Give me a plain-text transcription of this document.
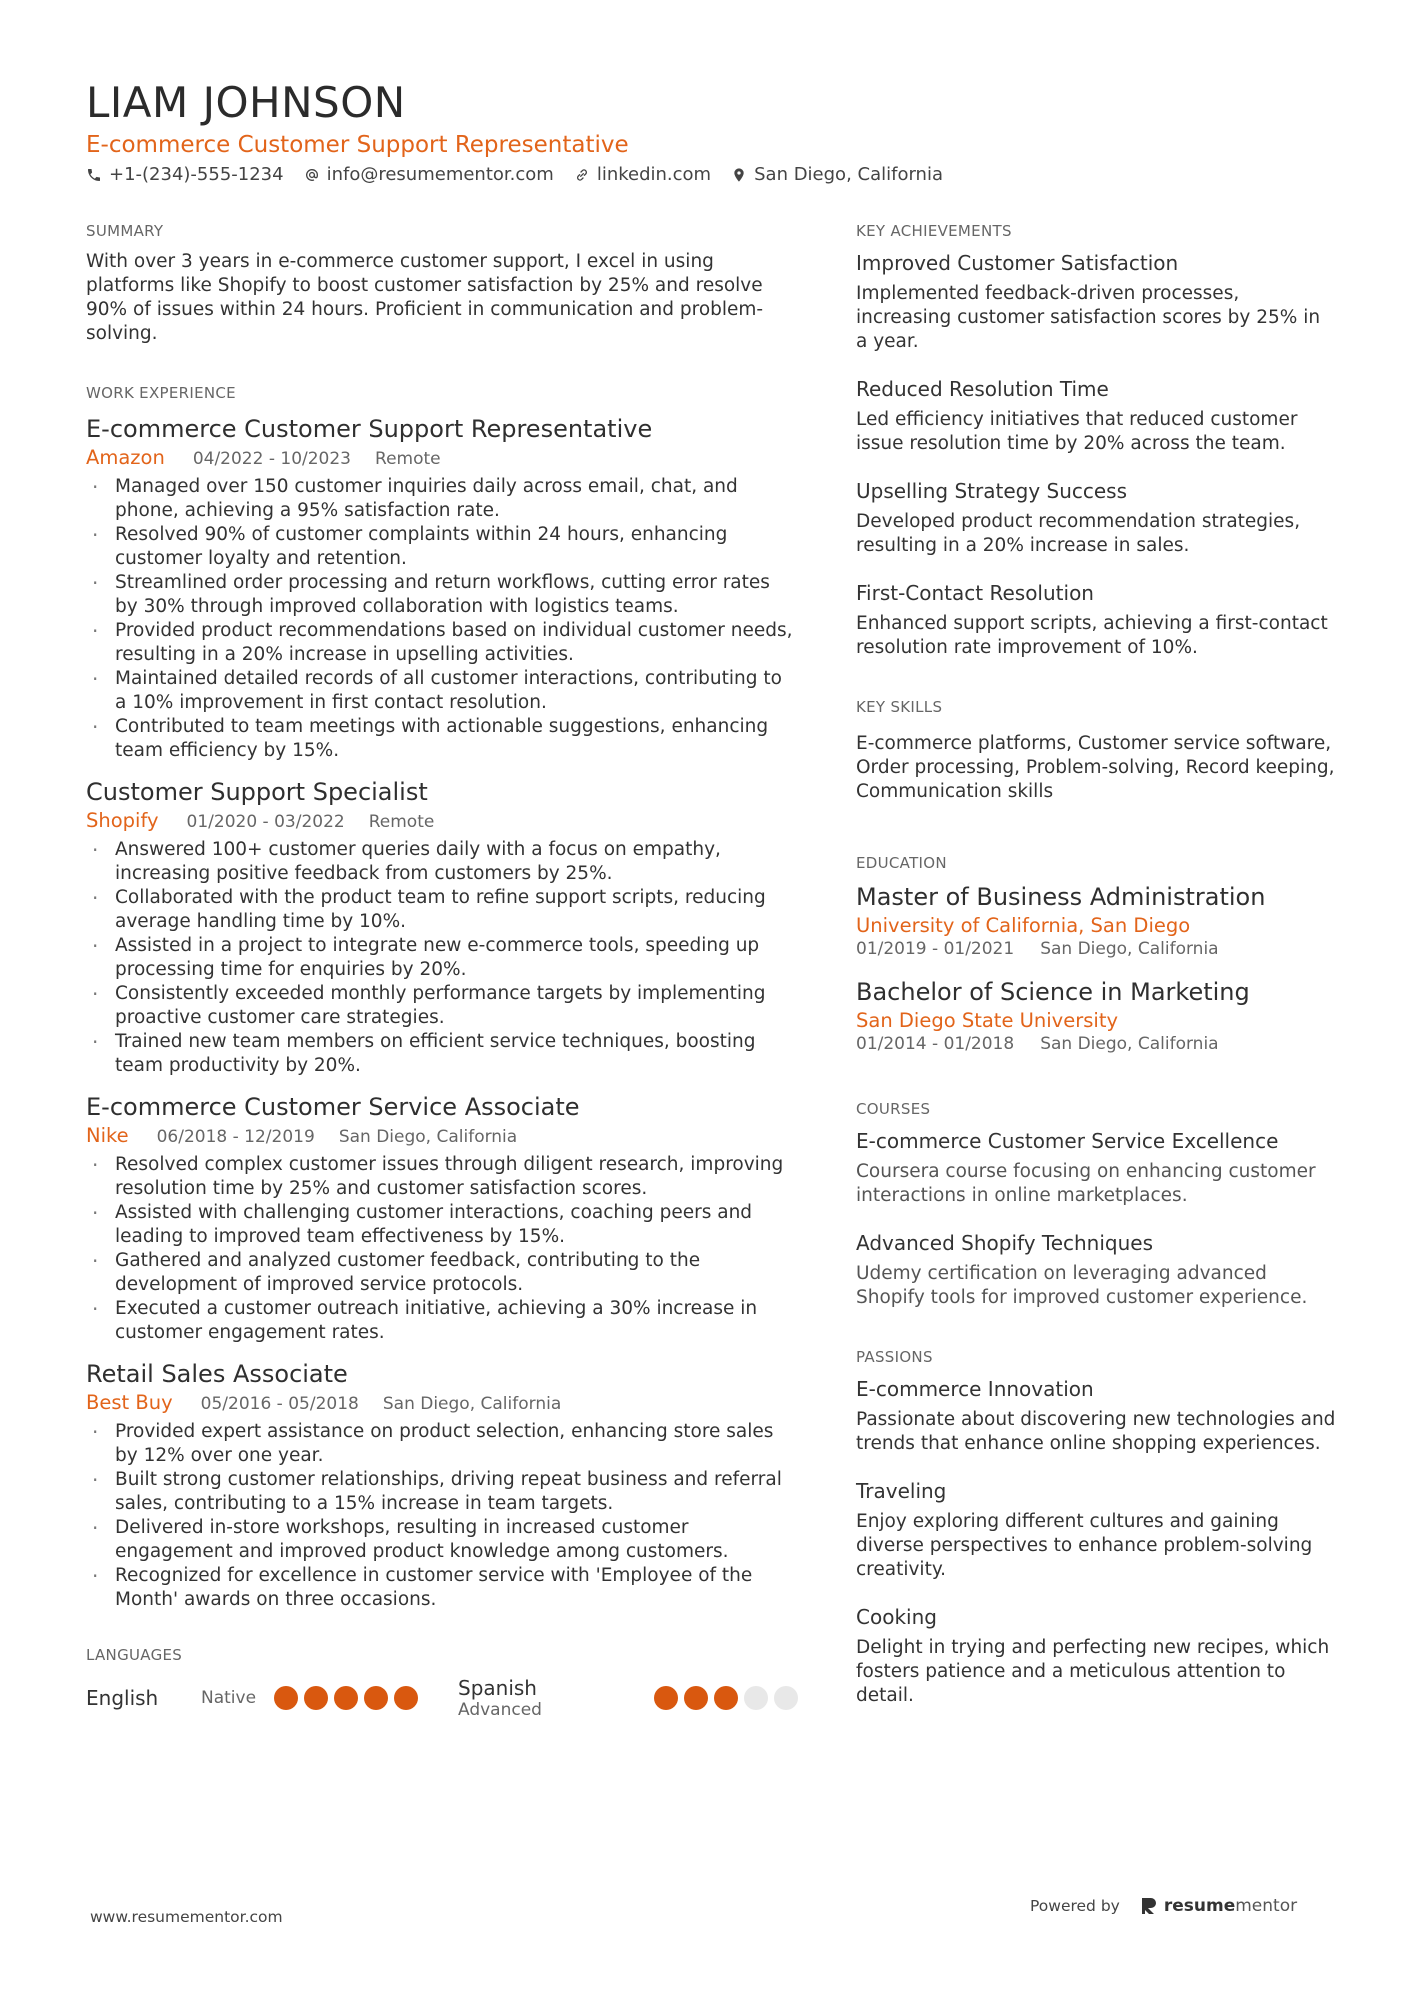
LIAM JOHNSON
E-commerce Customer Support Representative
+1-(234)-555-1234 info@resumementor.com linkedin.com San Diego, California
SUMMARY
With over 3 years in e-commerce customer support, I excel in using platforms like Shopify to boost customer satisfaction by 25% and resolve 90% of issues within 24 hours. Proficient in communication and problem-solving.
WORK EXPERIENCE
E-commerce Customer Support Representative
Amazon 04/2022 - 10/2023 Remote
· Managed over 150 customer inquiries daily across email, chat, and phone, achieving a 95% satisfaction rate.
· Resolved 90% of customer complaints within 24 hours, enhancing customer loyalty and retention.
· Streamlined order processing and return workflows, cutting error rates by 30% through improved collaboration with logistics teams.
· Provided product recommendations based on individual customer needs, resulting in a 20% increase in upselling activities.
· Maintained detailed records of all customer interactions, contributing to a 10% improvement in first contact resolution.
· Contributed to team meetings with actionable suggestions, enhancing team efficiency by 15%.
Customer Support Specialist
Shopify 01/2020 - 03/2022 Remote
· Answered 100+ customer queries daily with a focus on empathy, increasing positive feedback from customers by 25%.
· Collaborated with the product team to refine support scripts, reducing average handling time by 10%.
· Assisted in a project to integrate new e-commerce tools, speeding up processing time for enquiries by 20%.
· Consistently exceeded monthly performance targets by implementing proactive customer care strategies.
· Trained new team members on efficient service techniques, boosting team productivity by 20%.
E-commerce Customer Service Associate
Nike 06/2018 - 12/2019 San Diego, California
· Resolved complex customer issues through diligent research, improving resolution time by 25% and customer satisfaction scores.
· Assisted with challenging customer interactions, coaching peers and leading to improved team effectiveness by 15%.
· Gathered and analyzed customer feedback, contributing to the development of improved service protocols.
· Executed a customer outreach initiative, achieving a 30% increase in customer engagement rates.
Retail Sales Associate
Best Buy 05/2016 - 05/2018 San Diego, California
· Provided expert assistance on product selection, enhancing store sales by 12% over one year.
· Built strong customer relationships, driving repeat business and referral sales, contributing to a 15% increase in team targets.
· Delivered in-store workshops, resulting in increased customer engagement and improved product knowledge among customers.
· Recognized for excellence in customer service with 'Employee of the Month' awards on three occasions.
LANGUAGES
English	Native	Spanish
Advanced
KEY ACHIEVEMENTS
Improved Customer Satisfaction
Implemented feedback-driven processes, increasing customer satisfaction scores by 25% in a year.
Reduced Resolution Time
Led efficiency initiatives that reduced customer issue resolution time by 20% across the team.
Upselling Strategy Success
Developed product recommendation strategies, resulting in a 20% increase in sales.
First-Contact Resolution
Enhanced support scripts, achieving a first-contact resolution rate improvement of 10%.
KEY SKILLS
E-commerce platforms, Customer service software, Order processing, Problem-solving, Record keeping, Communication skills
EDUCATION
Master of Business Administration
University of California, San Diego
01/2019 - 01/2021 San Diego, California
Bachelor of Science in Marketing
San Diego State University
01/2014 - 01/2018 San Diego, California
COURSES
E-commerce Customer Service Excellence
Coursera course focusing on enhancing customer interactions in online marketplaces.
Advanced Shopify Techniques
Udemy certification on leveraging advanced Shopify tools for improved customer experience.
PASSIONS
E-commerce Innovation
Passionate about discovering new technologies and trends that enhance online shopping experiences.
Traveling
Enjoy exploring different cultures and gaining diverse perspectives to enhance problem-solving creativity.
Cooking
Delight in trying and perfecting new recipes, which fosters patience and a meticulous attention to detail.
www.resumementor.com
Powered by	resumementor
